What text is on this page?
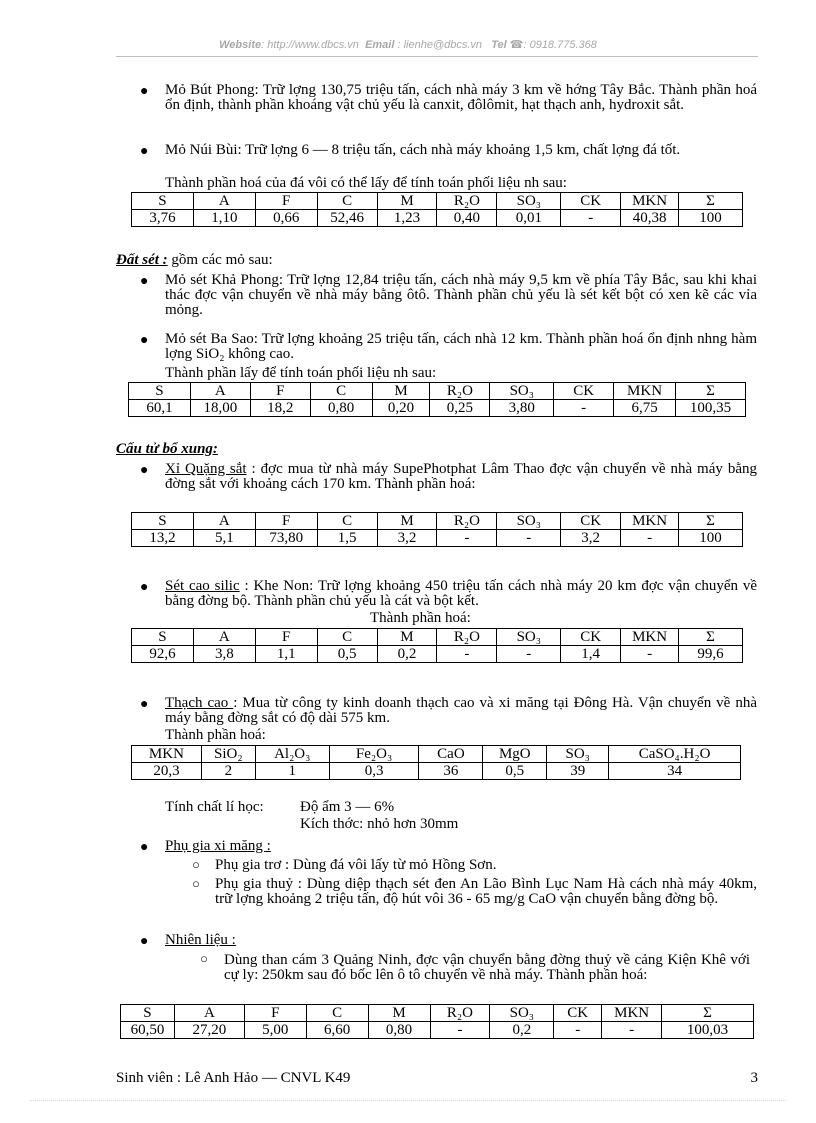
Website: http://www.dbcs.vn Email : lienhe@dbcs.vn Tel ☎: 0918.775.368
● Mỏ Bút Phong: Trữ lợng 130,75 triệu tấn, cách nhà máy 3 km về hớng Tây Bắc. Thành phần hoá ổn định, thành phần khoáng vật chủ yếu là canxit, đôlômit, hạt thạch anh, hydroxit sắt.
● Mỏ Núi Bùi: Trữ lợng 6 — 8 triệu tấn, cách nhà máy khoảng 1,5 km, chất lợng đá tốt.
Thành phần hoá của đá vôi có thể lấy để tính toán phối liệu nh sau:
S	A	F	C	M	R₂O	SO₃	CK	MKN	Σ
3,76	1,10	0,66	52,46	1,23	0,40	0,01	-	40,38	100
Đất sét : gồm các mỏ sau:
● Mỏ sét Khả Phong: Trữ lợng 12,84 triệu tấn, cách nhà máy 9,5 km về phía Tây Bắc, sau khi khai thác đợc vận chuyển về nhà máy bằng ôtô. Thành phần chủ yếu là sét kết bột có xen kẽ các vỉa mỏng.
● Mỏ sét Ba Sao: Trữ lợng khoảng 25 triệu tấn, cách nhà 12 km. Thành phần hoá ổn định nhng hàm lợng SiO₂ không cao.
Thành phần lấy để tính toán phối liệu nh sau:
S	A	F	C	M	R₂O	SO₃	CK	MKN	Σ
60,1	18,00	18,2	0,80	0,20	0,25	3,80	-	6,75	100,35
Cấu tử bổ xung:
● Xỉ Quặng sắt : đợc mua từ nhà máy SupePhotphat Lâm Thao đợc vận chuyển về nhà máy bằng đờng sắt với khoảng cách 170 km. Thành phần hoá:
S	A	F	C	M	R₂O	SO₃	CK	MKN	Σ
13,2	5,1	73,80	1,5	3,2	-	-	3,2	-	100
● Sét cao silic : Khe Non: Trữ lợng khoảng 450 triệu tấn cách nhà máy 20 km đợc vận chuyển về bằng đờng bộ. Thành phần chủ yếu là cát và bột kết.
Thành phần hoá:
S	A	F	C	M	R₂O	SO₃	CK	MKN	Σ
92,6	3,8	1,1	0,5	0,2	-	-	1,4	-	99,6
● Thạch cao : Mua từ công ty kinh doanh thạch cao và xi măng tại Đông Hà. Vận chuyển về nhà máy bằng đờng sắt có độ dài 575 km.
Thành phần hoá:
MKN	SiO₂	Al₂O₃	Fe₂O₃	CaO	MgO	SO₃	CaSO₄.H₂O
20,3	2	1	0,3	36	0,5	39	34
Tính chất lí học: Độ ẩm 3 — 6%
Kích thớc: nhỏ hơn 30mm
● Phụ gia xi măng :
○ Phụ gia trơ : Dùng đá vôi lấy từ mỏ Hồng Sơn.
○ Phụ gia thuỷ : Dùng diệp thạch sét đen An Lão Bình Lục Nam Hà cách nhà máy 40km, trữ lợng khoảng 2 triệu tấn, độ hút vôi 36 - 65 mg/g CaO vận chuyển bằng đờng bộ.
● Nhiên liệu :
○ Dùng than cám 3 Quảng Ninh, đợc vận chuyển bằng đờng thuỷ về cảng Kiện Khê với cự ly: 250km sau đó bốc lên ô tô chuyển về nhà máy. Thành phần hoá:
S	A	F	C	M	R₂O	SO₃	CK	MKN	Σ
60,50	27,20	5,00	6,60	0,80	-	0,2	-	-	100,03
Sinh viên : Lê Anh Hảo — CNVL K49	3
